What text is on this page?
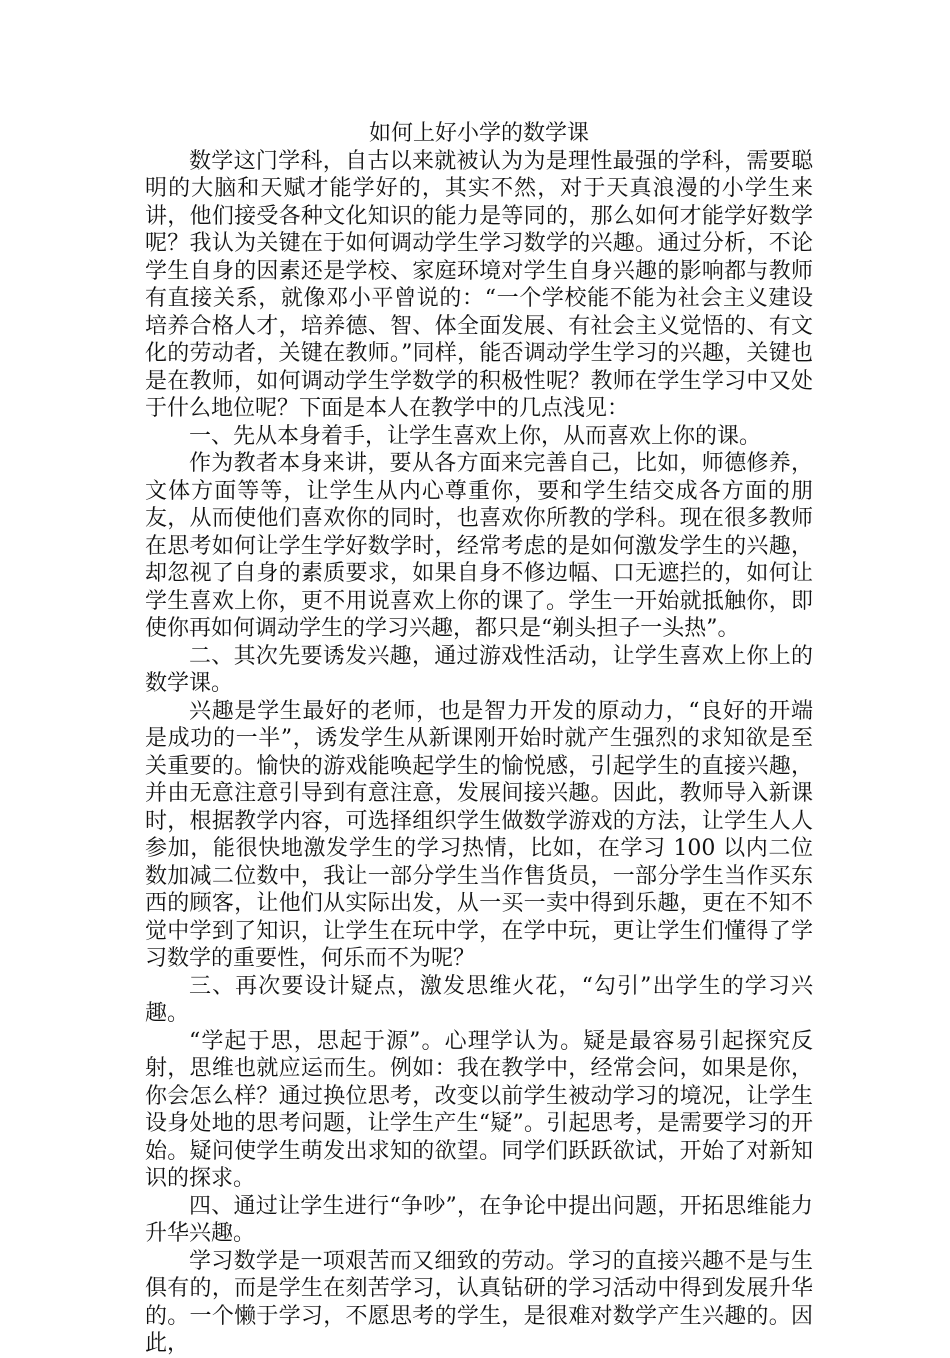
如何上好小学的数学课

数学这门学科，自古以来就被认为为是理性最强的学科，需要聪明的大脑和天赋才能学好的，其实不然，对于天真浪漫的小学生来讲，他们接受各种文化知识的能力是等同的，那么如何才能学好数学呢？我认为关键在于如何调动学生学习数学的兴趣。通过分析，不论学生自身的因素还是学校、家庭环境对学生自身兴趣的影响都与教师有直接关系，就像邓小平曾说的：“一个学校能不能为社会主义建设培养合格人才，培养德、智、体全面发展、有社会主义觉悟的、有文化的劳动者，关键在教师。”同样，能否调动学生学习的兴趣，关键也是在教师，如何调动学生学数学的积极性呢？教师在学生学习中又处于什么地位呢？下面是本人在教学中的几点浅见：

一、先从本身着手，让学生喜欢上你，从而喜欢上你的课。

作为教者本身来讲，要从各方面来完善自己，比如，师德修养，文体方面等等，让学生从内心尊重你，要和学生结交成各方面的朋友，从而使他们喜欢你的同时，也喜欢你所教的学科。现在很多教师在思考如何让学生学好数学时，经常考虑的是如何激发学生的兴趣，却忽视了自身的素质要求，如果自身不修边幅、口无遮拦的，如何让学生喜欢上你，更不用说喜欢上你的课了。学生一开始就抵触你，即使你再如何调动学生的学习兴趣，都只是“剃头担子一头热”。

二、其次先要诱发兴趣，通过游戏性活动，让学生喜欢上你上的数学课。

兴趣是学生最好的老师，也是智力开发的原动力，“良好的开端是成功的一半”，诱发学生从新课刚开始时就产生强烈的求知欲是至关重要的。愉快的游戏能唤起学生的愉悦感，引起学生的直接兴趣，并由无意注意引导到有意注意，发展间接兴趣。因此，教师导入新课时，根据教学内容，可选择组织学生做数学游戏的方法，让学生人人参加，能很快地激发学生的学习热情，比如，在学习 100 以内二位数加减二位数中，我让一部分学生当作售货员，一部分学生当作买东西的顾客，让他们从实际出发，从一买一卖中得到乐趣，更在不知不觉中学到了知识，让学生在玩中学，在学中玩，更让学生们懂得了学习数学的重要性，何乐而不为呢？

三、再次要设计疑点，激发思维火花，“勾引”出学生的学习兴趣。

“学起于思，思起于源”。心理学认为。疑是最容易引起探究反射，思维也就应运而生。例如：我在教学中，经常会问，如果是你，你会怎么样？通过换位思考，改变以前学生被动学习的境况，让学生设身处地的思考问题，让学生产生“疑”。引起思考，是需要学习的开始。疑问使学生萌发出求知的欲望。同学们跃跃欲试，开始了对新知识的探求。

四、通过让学生进行“争吵”，在争论中提出问题，开拓思维能力升华兴趣。

学习数学是一项艰苦而又细致的劳动。学习的直接兴趣不是与生俱有的，而是学生在刻苦学习，认真钻研的学习活动中得到发展升华的。一个懒于学习，不愿思考的学生，是很难对数学产生兴趣的。因此，
